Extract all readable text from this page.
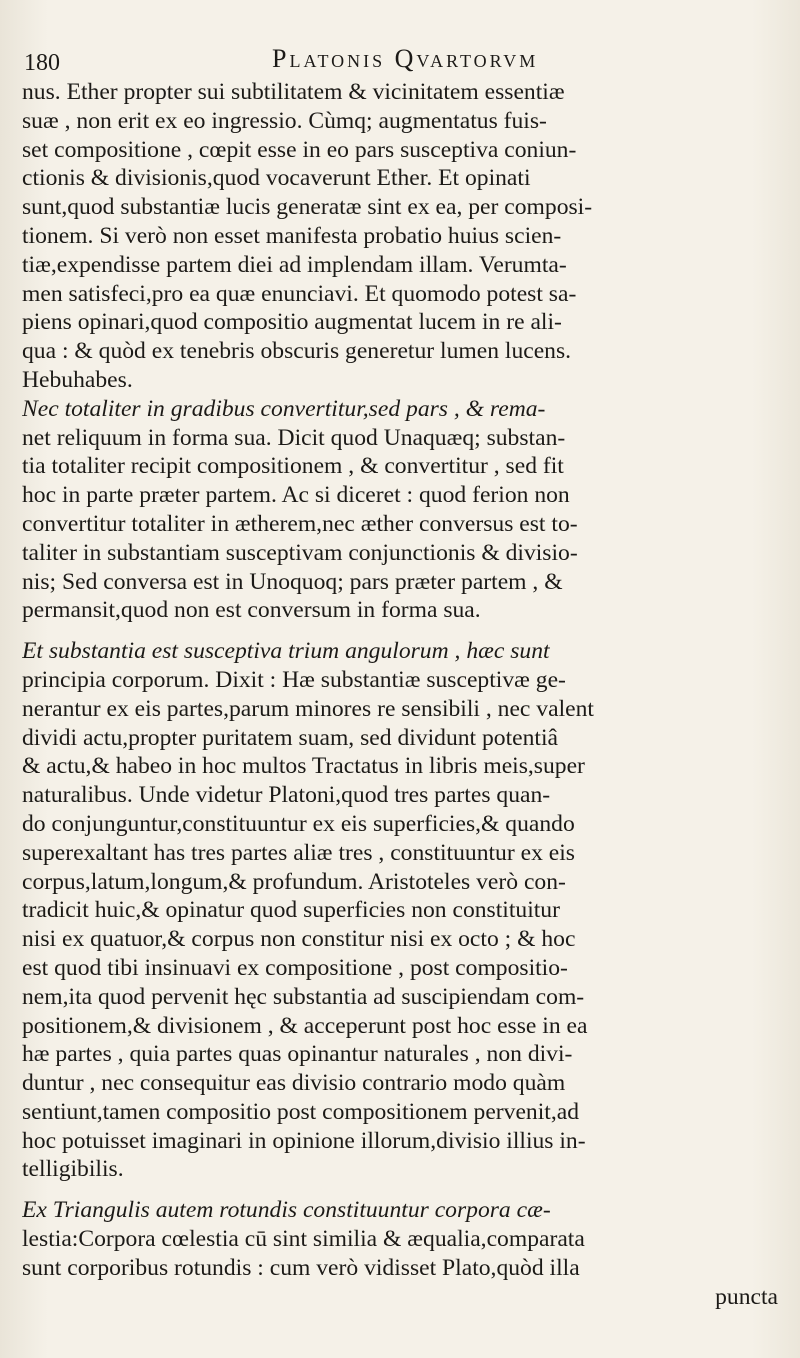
180	Platonis Qvartorvm
nus. Ether propter sui subtilitatem & vicinitatem essentiæ
suæ , non erit ex eo ingressio. Cùmq; augmentatus fuis-
set compositione , cœpit esse in eo pars susceptiva coniun-
ctionis & divisionis,quod vocaverunt Ether. Et opinati
sunt,quod substantiæ lucis generatæ sint ex ea, per composi-
tionem. Si verò non esset manifesta probatio huius scien-
tiæ,expendisse partem diei ad implendam illam. Verumta-
men satisfeci,pro ea quæ enunciavi. Et quomodo potest sa-
piens opinari,quod compositio augmentat lucem in re ali-
qua : & quòd ex tenebris obscuris generetur lumen lucens.
Hebuhabes.
Nec totaliter in gradibus convertitur,sed pars , & rema-
net reliquum in forma sua. Dicit quod Unaquæq; substan-
tia totaliter recipit compositionem , & convertitur , sed fit
hoc in parte præter partem. Ac si diceret : quod ferion non
convertitur totaliter in ætherem,nec æther conversus est to-
taliter in substantiam susceptivam conjunctionis & divisio-
nis; Sed conversa est in Unoquoq; pars præter partem , &
permansit,quod non est conversum in forma sua.
Et substantia est susceptiva trium angulorum , hæc sunt
principia corporum. Dixit : Hæ substantiæ susceptivæ ge-
nerantur ex eis partes,parum minores re sensibili , nec valent
dividi actu,propter puritatem suam, sed dividunt potentiâ
& actu,& habeo in hoc multos Tractatus in libris meis,super
naturalibus. Unde videtur Platoni,quod tres partes quan-
do conjunguntur,constituuntur ex eis superficies,& quando
superexaltant has tres partes aliæ tres , constituuntur ex eis
corpus,latum,longum,& profundum. Aristoteles verò con-
tradicit huic,& opinatur quod superficies non constituitur
nisi ex quatuor,& corpus non constitur nisi ex octo ; & hoc
est quod tibi insinuavi ex compositione , post compositio-
nem,ita quod pervenit hęc substantia ad suscipiendam com-
positionem,& divisionem , & acceperunt post hoc esse in ea
hæ partes , quia partes quas opinantur naturales , non divi-
duntur , nec consequitur eas divisio contrario modo quàm
sentiunt,tamen compositio post compositionem pervenit,ad
hoc potuisset imaginari in opinione illorum,divisio illius in-
telligibilis.
Ex Triangulis autem rotundis constituuntur corpora cæ-
lestia:Corpora cœlestia cū sint similia & æqualia,comparata
sunt corporibus rotundis : cum verò vidisset Plato,quòd illa
puncta
